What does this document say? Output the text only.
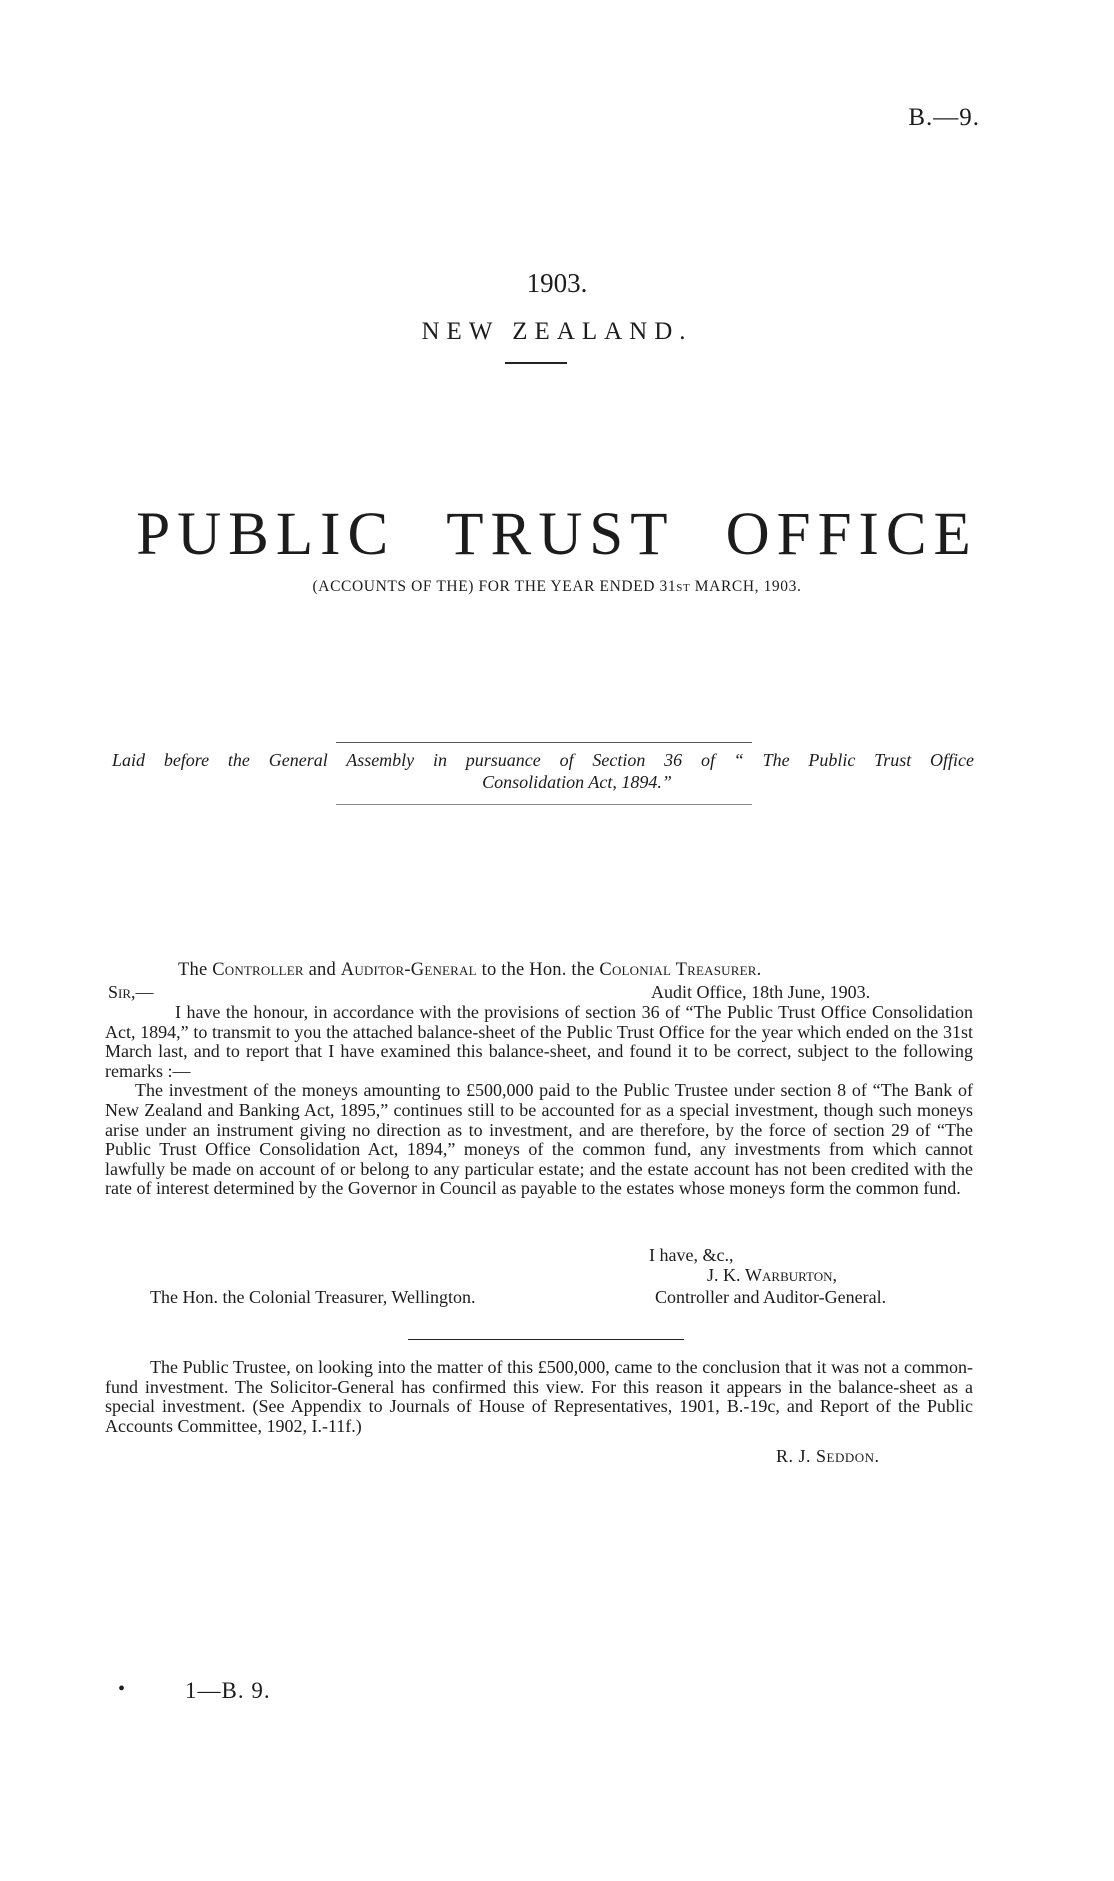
B.—9.
1903.
NEW ZEALAND.
PUBLIC TRUST OFFICE
(ACCOUNTS OF THE) FOR THE YEAR ENDED 31ST MARCH, 1903.
Laid before the General Assembly in pursuance of Section 36 of “ The Public Trust Office
Consolidation Act, 1894.”
The Controller and Auditor-General to the Hon. the Colonial Treasurer.
Sir,—	Audit Office, 18th June, 1903.

I have the honour, in accordance with the provisions of section 36 of “The Public Trust Office Consolidation Act, 1894,” to transmit to you the attached balance-sheet of the Public Trust Office for the year which ended on the 31st March last, and to report that I have examined this balance-sheet, and found it to be correct, subject to the following remarks :—

The investment of the moneys amounting to £500,000 paid to the Public Trustee under section 8 of “The Bank of New Zealand and Banking Act, 1895,” continues still to be accounted for as a special investment, though such moneys arise under an instrument giving no direction as to investment, and are therefore, by the force of section 29 of “The Public Trust Office Consolidation Act, 1894,” moneys of the common fund, any investments from which cannot lawfully be made on account of or belong to any particular estate; and the estate account has not been credited with the rate of interest determined by the Governor in Council as payable to the estates whose moneys form the common fund.

I have, &c.,
J. K. Warburton,
The Hon. the Colonial Treasurer, Wellington.	Controller and Auditor-General.

The Public Trustee, on looking into the matter of this £500,000, came to the conclusion that it was not a common-fund investment. The Solicitor-General has confirmed this view. For this reason it appears in the balance-sheet as a special investment. (See Appendix to Journals of House of Representatives, 1901, B.-19c, and Report of the Public Accounts Committee, 1902, I.-11f.)

R. J. Seddon.
•	1—B. 9.
